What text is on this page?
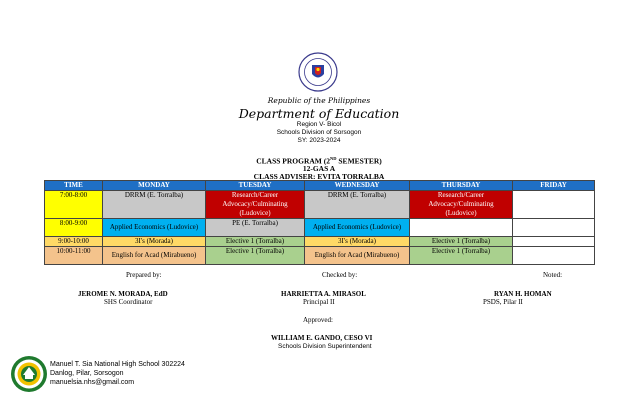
Republic of the Philippines
Department of Education
Region V- Bicol
Schools Division of Sorsogon
SY: 2023-2024
CLASS PROGRAM (2ND SEMESTER)
12-GAS A
CLASS ADVISER: EVITA TORRALBA
TIME	MONDAY	TUESDAY	WEDNESDAY	THURSDAY	FRIDAY
7:00-8:00	DRRM (E. Torralba)	Research/Career Advocacy/Culminating (Ludovice)	DRRM (E. Torralba)	Research/Career Advocacy/Culminating (Ludovice)	
8:00-9:00	Applied Economics (Ludovice)	PE (E. Torralba)	Applied Economics (Ludovice)		
9:00-10:00	3I's (Morada)	Elective 1 (Torralba)	3I's (Morada)	Elective 1 (Torralba)	
10:00-11:00	English for Acad (Mirabueno)	Elective 1 (Torralba)	English for Acad (Mirabueno)	Elective 1 (Torralba)	
Prepared by:	Checked by:	Noted:
JEROME N. MORADA, EdD
SHS Coordinator
HARRIETTA A. MIRASOL
Principal II
RYAN H. HOMAN
PSDS, Pilar II
Approved:
WILLIAM E. GANDO, CESO VI
Schools Division Superintendent
Manuel T. Sia National High School 302224
Danlog, Pilar, Sorsogon
manuelsia.nhs@gmail.com
